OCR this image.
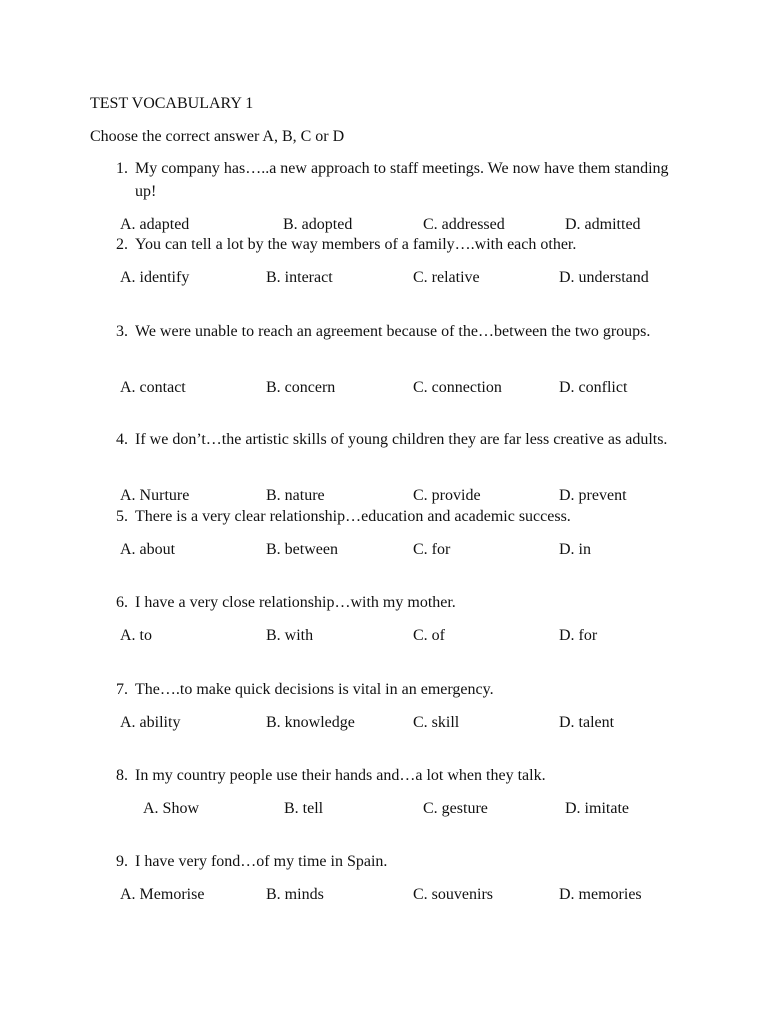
TEST VOCABULARY 1
Choose the correct answer A, B, C or D
1. My company has…..a new approach to staff meetings. We now have them standing up!
A. adapted	B. adopted	C. addressed	D. admitted
2. You can tell a lot by the way members of a family….with each other.
A. identify	B. interact	C. relative	D. understand
3. We were unable to reach an agreement because of the…between the two groups.
A. contact	B. concern	C. connection	D. conflict
4. If we don’t…the artistic skills of young children they are far less creative as adults.
A. Nurture	B. nature	C. provide	D. prevent
5. There is a very clear relationship…education and academic success.
A. about	B. between	C. for	D. in
6. I have a very close relationship…with my mother.
A. to	B. with	C. of	D. for
7. The….to make quick decisions is vital in an emergency.
A. ability	B. knowledge	C. skill	D. talent
8. In my country people use their hands and…a lot when they talk.
A. Show	B. tell	C. gesture	D. imitate
9. I have very fond…of my time in Spain.
A. Memorise	B. minds	C. souvenirs	D. memories
